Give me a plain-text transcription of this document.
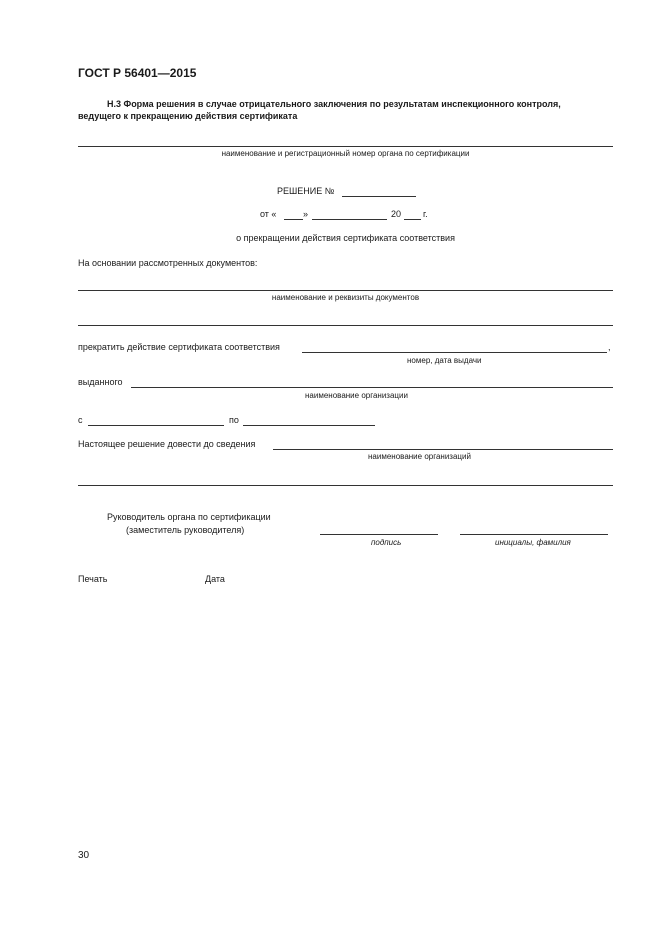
ГОСТ Р 56401—2015
Н.3 Форма решения в случае отрицательного заключения по результатам инспекционного контроля,
ведущего к прекращению действия сертификата
наименование и регистрационный номер органа по сертификации
РЕШЕНИЕ №
от «	»	20 г.
о прекращении действия сертификата соответствия
На основании рассмотренных документов:
наименование и реквизиты документов
прекратить действие сертификата соответствия	,
номер, дата выдачи
выданного
наименование организации
с	по
Настоящее решение довести до сведения
наименование организаций
Руководитель органа по сертификации
(заместитель руководителя)
подпись	инициалы, фамилия
Печать	Дата
30
